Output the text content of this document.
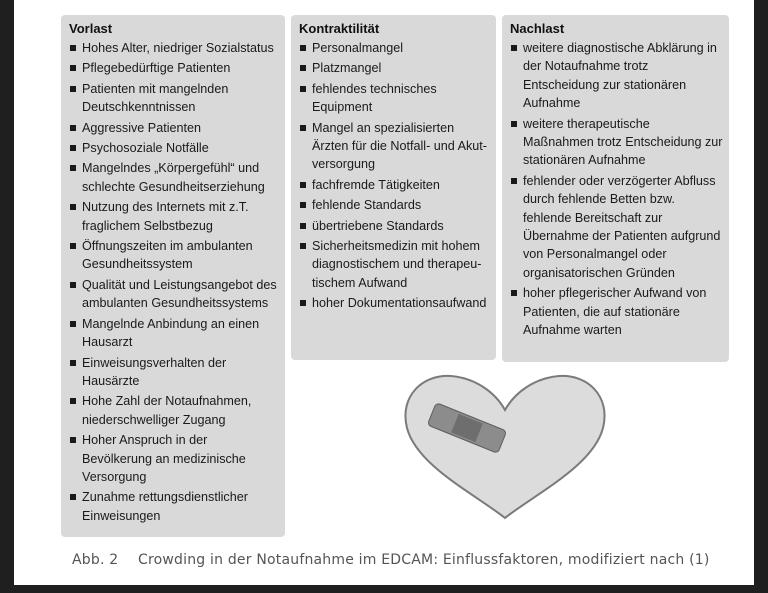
Vorlast
Hohes Alter, niedriger Sozialstatus
Pflegebedürftige Patienten
Patienten mit mangelnden Deutschkenntnissen
Aggressive Patienten
Psychosoziale Notfälle
Mangelndes „Körpergefühl“ und schlechte Gesundheitserziehung
Nutzung des Internets mit z.T. fraglichem Selbstbezug
Öffnungszeiten im ambulanten Gesundheitssystem
Qualität und Leistungsangebot des ambulanten Gesundheitssystems
Mangelnde Anbindung an einen Hausarzt
Einweisungsverhalten der Hausärzte
Hohe Zahl der Notaufnahmen, niederschwelliger Zugang
Hoher Anspruch in der Bevölkerung an medizinische Versorgung
Zunahme rettungsdienstlicher Einweisungen
Kontraktilität
Personalmangel
Platzmangel
fehlendes technisches Equipment
Mangel an spezialisierten Ärzten für die Notfall- und Akut-versorgung
fachfremde Tätigkeiten
fehlende Standards
übertriebene Standards
Sicherheitsmedizin mit hohem diagnostischem und therapeu-tischem Aufwand
hoher Dokumentationsaufwand
Nachlast
weitere diagnostische Abklärung in der Notaufnahme trotz Entscheidung zur stationären Aufnahme
weitere therapeutische Maßnahmen trotz Entscheidung zur stationären Aufnahme
fehlender oder verzögerter Abfluss durch fehlende Betten bzw. fehlende Bereitschaft zur Übernahme der Patienten aufgrund von Personalmangel oder organisatorischen Gründen
hoher pflegerischer Aufwand von Patienten, die auf stationäre Aufnahme warten
Abb. 2 Crowding in der Notaufnahme im EDCAM: Einflussfaktoren, modifiziert nach (1)
